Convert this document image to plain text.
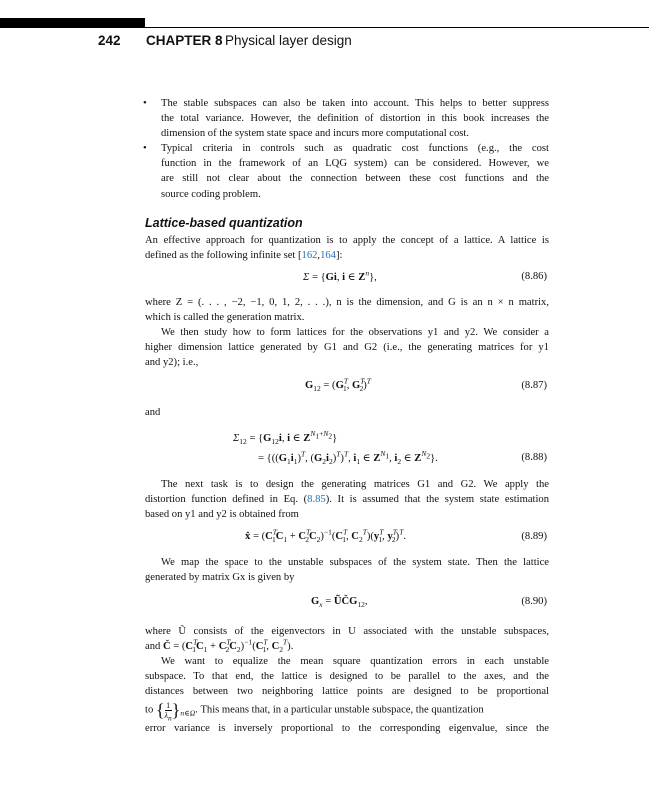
242 CHAPTER 8 Physical layer design
• The stable subspaces can also be taken into account. This helps to better suppress
the total variance. However, the definition of distortion in this book increases the
dimension of the system state space and incurs more computational cost.
• Typical criteria in controls such as quadratic cost functions (e.g., the cost
function in the framework of an LQG system) can be considered. However, we
are still not clear about the connection between these cost functions and the
source coding problem.
Lattice-based quantization
An effective approach for quantization is to apply the concept of a lattice. A lattice is
defined as the following infinite set [162,164]:
Σ = {Gi, i ∈ $Z^n$},	(8.86)
where Z = (. . . , −2, −1, 0, 1, 2, . . .), n is the dimension, and G is an n × n matrix,
which is called the generation matrix.
We then study how to form lattices for the observations y1 and y2. We consider a
higher dimension lattice generated by G1 and G2 (i.e., the generating matrices for y1
and y2); i.e.,
$G_{12} = (G^T_1$, $G^T_2)^T$	(8.87)
and
$\Sigma_{12} = \{G_{12}i$, i ∈ $Z^{N_1+N_2}$}
= {($(G_1i_1)^T$, $(G_2i_2)^T)^T$, $i_1$ ∈ $Z^{N_1}$, $i_2$ ∈ $Z^{N_2}$}.	(8.88)
The next task is to design the generating matrices G1 and G2. We apply the
distortion function defined in Eq. (8.85). It is assumed that the system state estimation
based on y1 and y2 is obtained from
x̂ = $(C^T_1C_1 + C^T_2C_2)^{-1}(C^T_1$, $C_2^T)(y^T_1$, $y^T_2)^T$.	(8.89)
We map the space to the unstable subspaces of the system state. Then the lattice
generated by matrix Gx is given by
$G_x$ = $ŨČG_{12}$,	(8.90)
where Ũ consists of the eigenvectors in U associated with the unstable subspaces,
and Č = $(C^T_1C_1 + C^T_2C_2)^{-1}(C^T_1$, $C_2^T$).
We want to equalize the mean square quantization errors in each unstable
subspace. To that end, the lattice is designed to be parallel to the axes, and the
distances between two neighboring lattice points are designed to be proportional
to { $\frac{1}{\lambda_n}\}_{n\in\Omega}$. This means that, in a particular unstable subspace, the quantization
error variance is inversely proportional to the corresponding eigenvalue, since the
